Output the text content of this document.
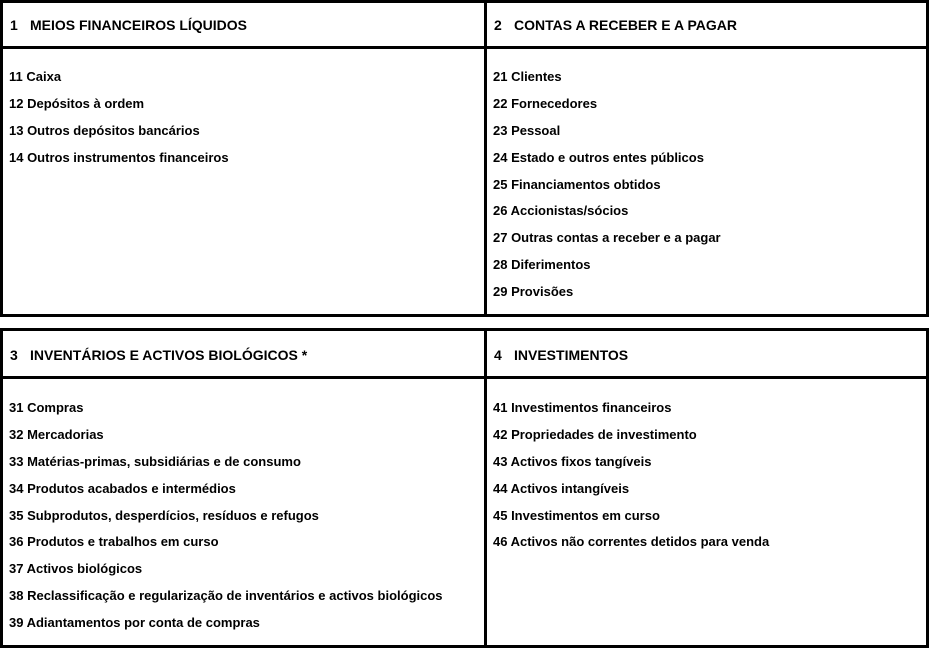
1 MEIOS FINANCEIROS LÍQUIDOS
11 Caixa
12 Depósitos à ordem
13 Outros depósitos bancários
14 Outros instrumentos financeiros
2 CONTAS A RECEBER E A PAGAR
21 Clientes
22 Fornecedores
23 Pessoal
24 Estado e outros entes públicos
25 Financiamentos obtidos
26 Accionistas/sócios
27 Outras contas a receber e a pagar
28 Diferimentos
29 Provisões
3 INVENTÁRIOS E ACTIVOS BIOLÓGICOS *
31 Compras
32 Mercadorias
33 Matérias-primas, subsidiárias e de consumo
34 Produtos acabados e intermédios
35 Subprodutos, desperdícios, resíduos e refugos
36 Produtos e trabalhos em curso
37 Activos biológicos
38 Reclassificação e regularização de inventários e activos biológicos
39 Adiantamentos por conta de compras
4 INVESTIMENTOS
41 Investimentos financeiros
42 Propriedades de investimento
43 Activos fixos tangíveis
44 Activos intangíveis
45 Investimentos em curso
46 Activos não correntes detidos para venda
